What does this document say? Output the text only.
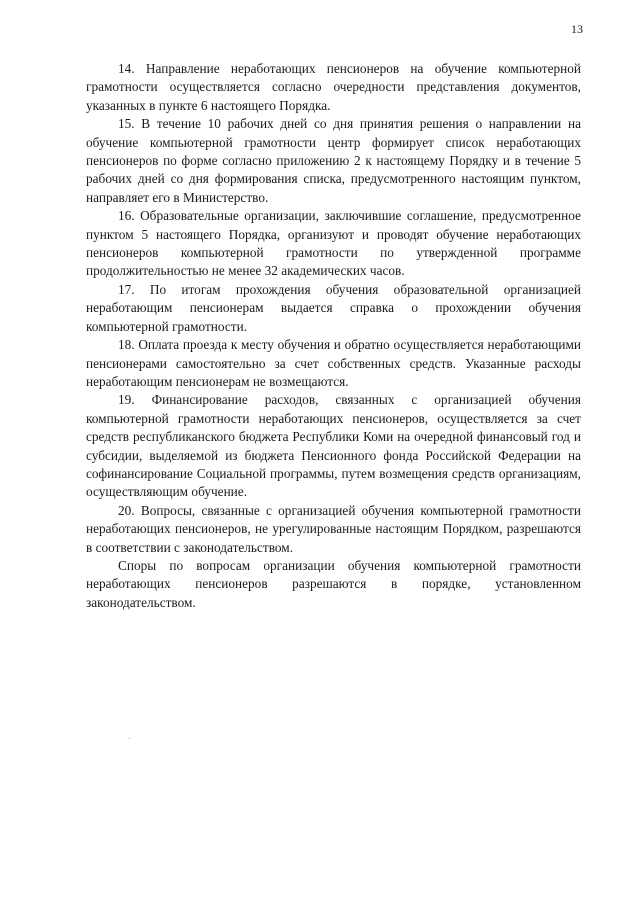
13

14. Направление неработающих пенсионеров на обучение компьютерной грамотности осуществляется согласно очередности представления документов, указанных в пункте 6 настоящего Порядка.

15. В течение 10 рабочих дней со дня принятия решения о направлении на обучение компьютерной грамотности центр формирует список неработающих пенсионеров по форме согласно приложению 2 к настоящему Порядку и в течение 5 рабочих дней со дня формирования списка, предусмотренного настоящим пунктом, направляет его в Министерство.

16. Образовательные организации, заключившие соглашение, предусмотренное пунктом 5 настоящего Порядка, организуют и проводят обучение неработающих пенсионеров компьютерной грамотности по утвержденной программе продолжительностью не менее 32 академических часов.

17. По итогам прохождения обучения образовательной организацией неработающим пенсионерам выдается справка о прохождении обучения компьютерной грамотности.

18. Оплата проезда к месту обучения и обратно осуществляется неработающими пенсионерами самостоятельно за счет собственных средств. Указанные расходы неработающим пенсионерам не возмещаются.

19. Финансирование расходов, связанных с организацией обучения компьютерной грамотности неработающих пенсионеров, осуществляется за счет средств республиканского бюджета Республики Коми на очередной финансовый год и субсидии, выделяемой из бюджета Пенсионного фонда Российской Федерации на софинансирование Социальной программы, путем возмещения средств организациям, осуществляющим обучение.

20. Вопросы, связанные с организацией обучения компьютерной грамотности неработающих пенсионеров, не урегулированные настоящим Порядком, разрешаются в соответствии с законодательством.

Споры по вопросам организации обучения компьютерной грамотности неработающих пенсионеров разрешаются в порядке, установленном законодательством.
